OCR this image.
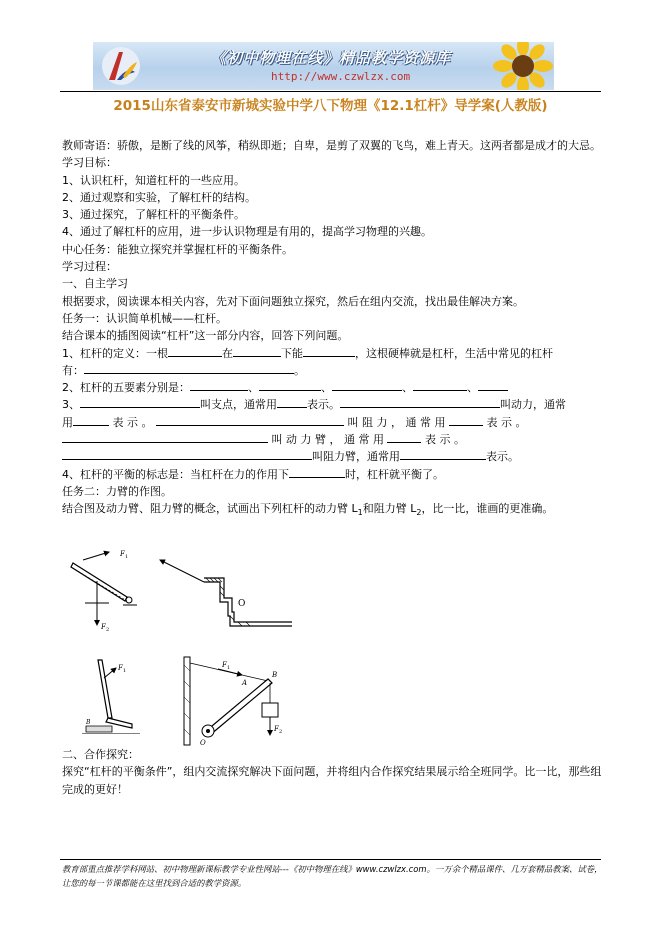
《初中物理在线》精品教学资源库
http://www.czwlzx.com
2015山东省泰安市新城实验中学八下物理《12.1杠杆》导学案(人教版)

教师寄语：骄傲，是断了线的风筝，稍纵即逝；自卑，是剪了双翼的飞鸟，难上青天。这两者都是成才的大忌。

学习目标：

1、认识杠杆，知道杠杆的一些应用。

2、通过观察和实验，了解杠杆的结构。

3、通过探究，了解杠杆的平衡条件。

4、通过了解杠杆的应用，进一步认识物理是有用的，提高学习物理的兴趣。

中心任务：能独立探究并掌握杠杆的平衡条件。

学习过程：

一、自主学习

根据要求，阅读课本相关内容，先对下面问题独立探究，然后在组内交流，找出最佳解决方案。

任务一：认识简单机械——杠杆。

结合课本的插图阅读“杠杆”这一部分内容，回答下列问题。

1、杠杆的定义：一根	在	下能	，这根硬棒就是杠杆，生活中常见的杠杆

有：	。

2、杠杆的五要素分别是：	、	、	、	、

3、	叫支点，通常用	表示。	叫动力，通常

用	表 示 。	叫 阻 力 ， 通 常 用	表 示 。

叫 动 力 臂 ， 通 常 用	表 示 。

叫阻力臂，通常用	表示。

4、杠杆的平衡的标志是：当杠杆在力的作用下	时，杠杆就平衡了。

任务二：力臂的作图。

结合图及动力臂、阻力臂的概念，试画出下列杠杆的动力臂 $L_1$和阻力臂 $L_2$，比一比，谁画的更准确。

F 1
F 2
O
F 1
B
F 1
F 2
A
B
O

二、合作探究：

探究“杠杆的平衡条件”，组内交流探究解决下面问题，并将组内合作探究结果展示给全班同学。比一比，那些组完成的更好！

教育部重点推荐学科网站、初中物理新课标教学专业性网站---《初中物理在线》www.czwlzx.com。一万余个精品课件、几万套精品教案、试卷，让您的每一节课都能在这里找到合适的教学资源。
